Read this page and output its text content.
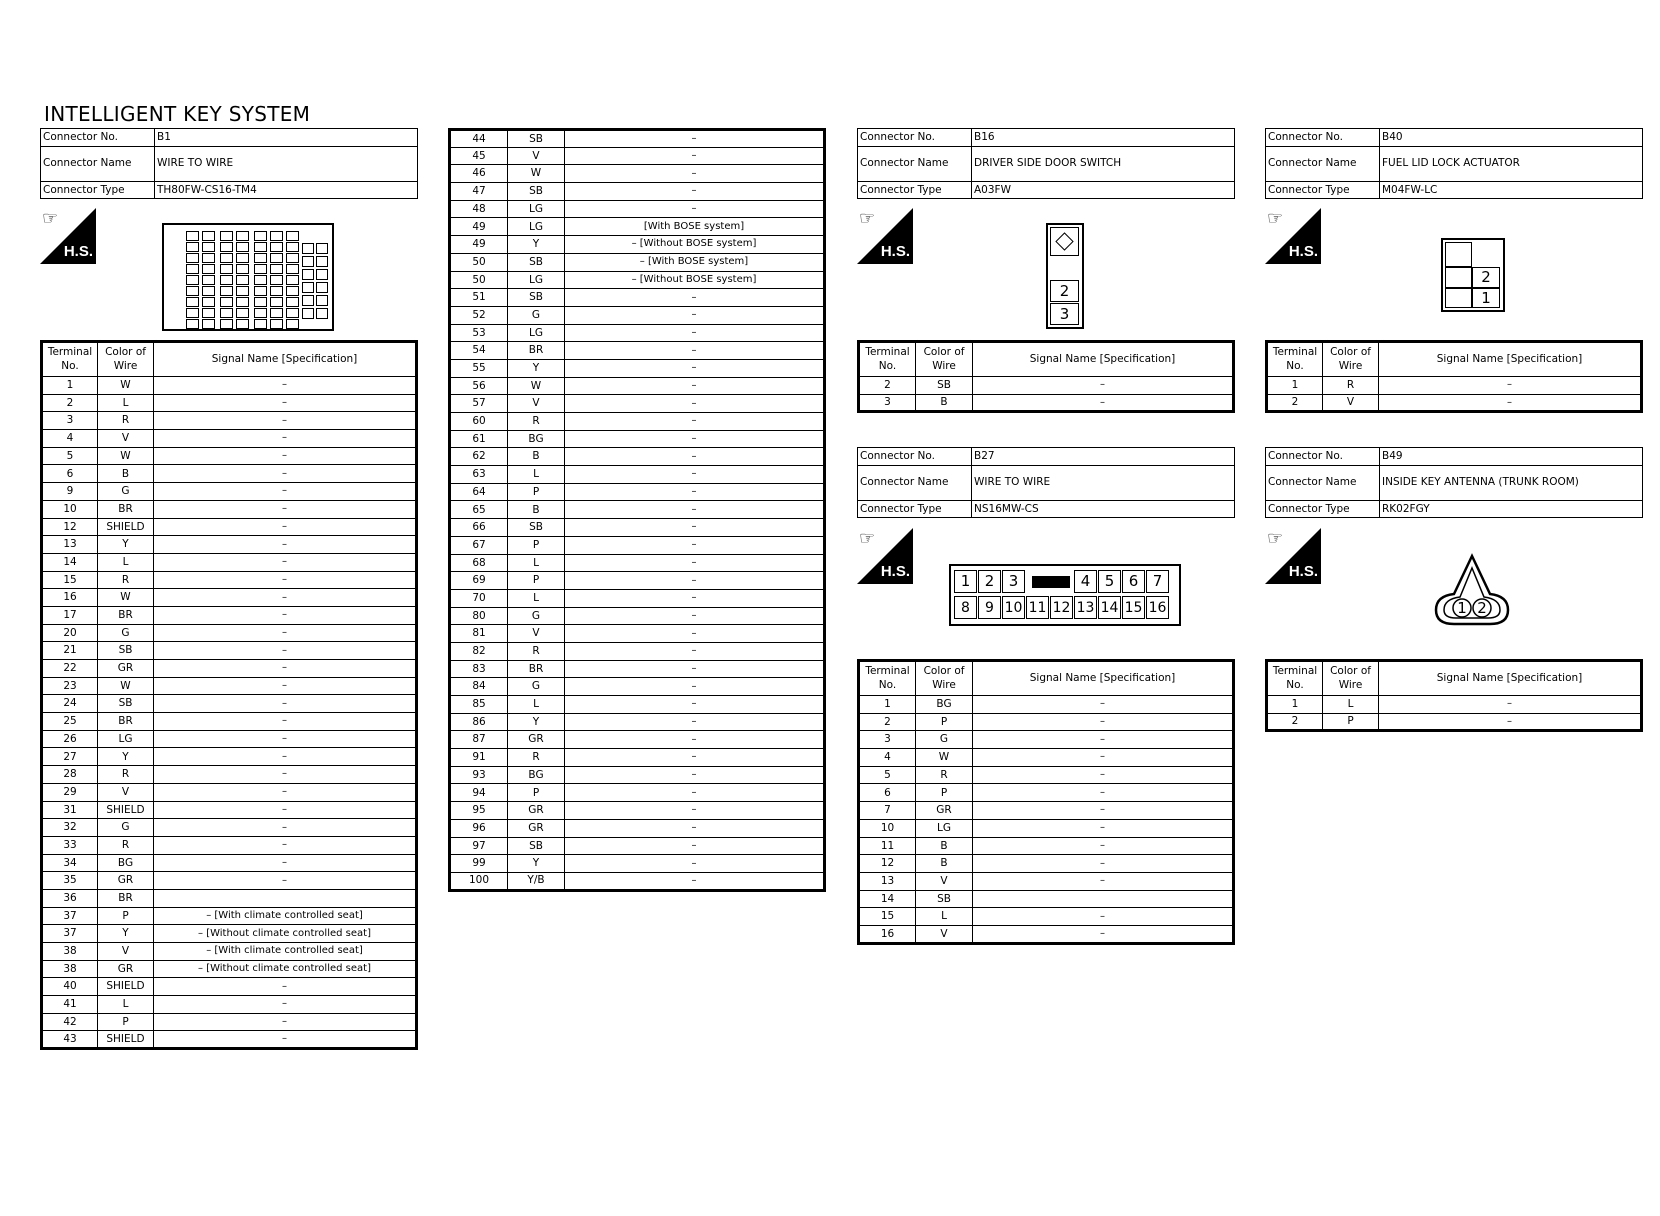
INTELLIGENT KEY SYSTEM
Connector No.	B1
Connector Name	WIRE TO WIRE
Connector Type	TH80FW-CS16-TM4
☞
H.S.
Terminal No.	Color of Wire	Signal Name [Specification]
1	W	–
2	L	–
3	R	–
4	V	–
5	W	–
6	B	–
9	G	–
10	BR	–
12	SHIELD	–
13	Y	–
14	L	–
15	R	–
16	W	–
17	BR	–
20	G	–
21	SB	–
22	GR	–
23	W	–
24	SB	–
25	BR	–
26	LG	–
27	Y	–
28	R	–
29	V	–
31	SHIELD	–
32	G	–
33	R	–
34	BG	–
35	GR	–
36	BR	
37	P	– [With climate controlled seat]
37	Y	– [Without climate controlled seat]
38	V	– [With climate controlled seat]
38	GR	– [Without climate controlled seat]
40	SHIELD	–
41	L	–
42	P	–
43	SHIELD	–
44	SB	–
45	V	–
46	W	–
47	SB	–
48	LG	–
49	LG	[With BOSE system]
49	Y	– [Without BOSE system]
50	SB	– [With BOSE system]
50	LG	– [Without BOSE system]
51	SB	–
52	G	–
53	LG	–
54	BR	–
55	Y	–
56	W	–
57	V	–
60	R	–
61	BG	–
62	B	–
63	L	–
64	P	–
65	B	–
66	SB	–
67	P	–
68	L	–
69	P	–
70	L	–
80	G	–
81	V	–
82	R	–
83	BR	–
84	G	–
85	L	–
86	Y	–
87	GR	–
91	R	–
93	BG	–
94	P	–
95	GR	–
96	GR	–
97	SB	–
99	Y	–
100	Y/B	–
Connector No.	B16
Connector Name	DRIVER SIDE DOOR SWITCH
Connector Type	A03FW
☞
H.S.
2
3
Terminal No.	Color of Wire	Signal Name [Specification]
2	SB	–
3	B	–
Connector No.	B40
Connector Name	FUEL LID LOCK ACTUATOR
Connector Type	M04FW-LC
☞
H.S.
2
1
Terminal No.	Color of Wire	Signal Name [Specification]
1	R	–
2	V	–
Connector No.	B27
Connector Name	WIRE TO WIRE
Connector Type	NS16MW-CS
☞
H.S.
1 2 3	4 5 6 7
8	9 10 11 12 13 14 15 16
Terminal No.	Color of Wire	Signal Name [Specification]
1	BG	–
2	P	–
3	G	–
4	W	–
5	R	–
6	P	–
7	GR	–
10	LG	–
11	B	–
12	B	–
13	V	–
14	SB	
15	L	–
16	V	–
Connector No.	B49
Connector Name	INSIDE KEY ANTENNA (TRUNK ROOM)
Connector Type	RK02FGY
☞
H.S.
1 2
Terminal No.	Color of Wire	Signal Name [Specification]
1	L	–
2	P	–
